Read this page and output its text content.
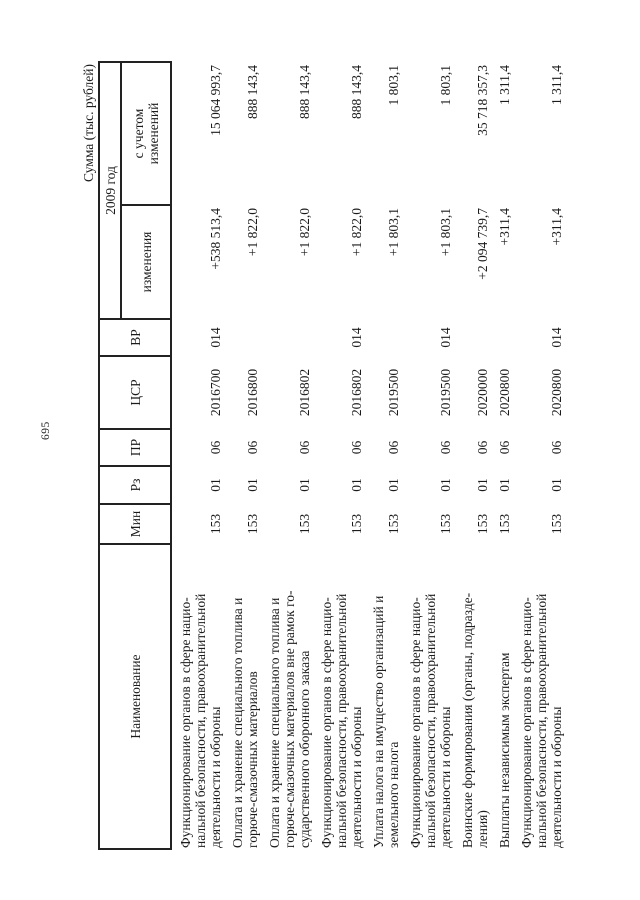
695
Сумма (тыс. рублей)
Наименование	Мин	Рз	ПР	ЦСР	ВР	2009 год	
						изменения	с учетом изменений

Функционирование органов в сфере нацио- нальной безопасности, правоохранительной деятельности и обороны	153	01	06	2016700	014	+538 513,4	15 064 993,7

Оплата и хранение специального топлива и горюче-смазочных материалов	153	01	06	2016800		+1 822,0	888 143,4

Оплата и хранение специального топлива и горюче-смазочных материалов вне рамок го- сударственного оборонного заказа	153	01	06	2016802		+1 822,0	888 143,4

Функционирование органов в сфере нацио- нальной безопасности, правоохранительной деятельности и обороны	153	01	06	2016802	014	+1 822,0	888 143,4

Уплата налога на имущество организаций и земельного налога	153	01	06	2019500		+1 803,1	1 803,1

Функционирование органов в сфере нацио- нальной безопасности, правоохранительной деятельности и обороны	153	01	06	2019500	014	+1 803,1	1 803,1

Воинские формирования (органы, подразде- ления)	153	01	06	2020000		+2 094 739,7	35 718 357,3

Выплаты независимым экспертам	153	01	06	2020800		+311,4	1 311,4

Функционирование органов в сфере нацио- нальной безопасности, правоохранительной деятельности и обороны	153	01	06	2020800	014	+311,4	1 311,4
